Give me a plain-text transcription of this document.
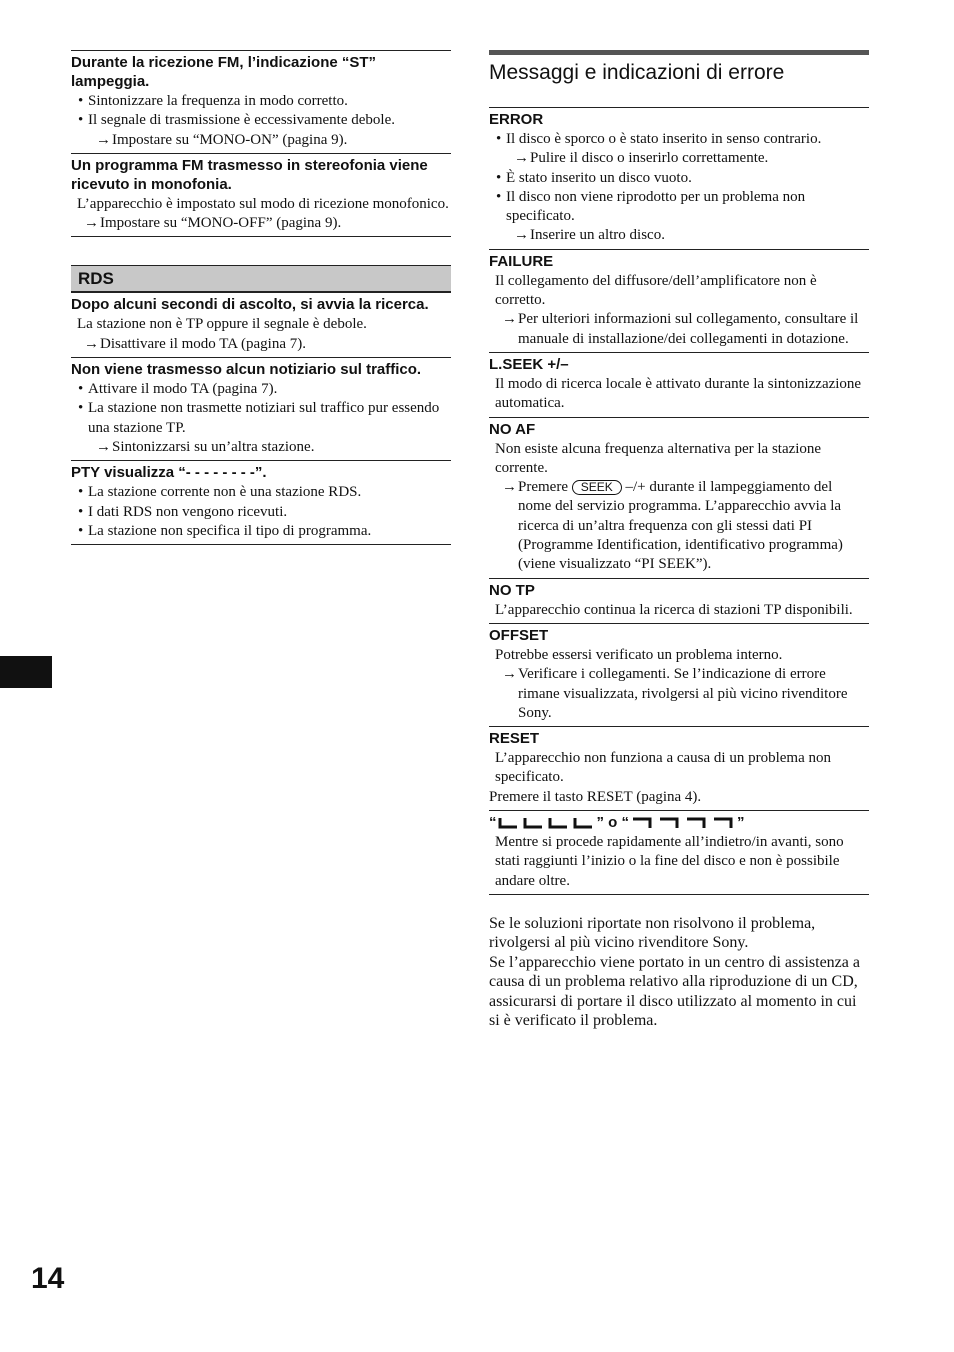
Durante la ricezione FM, l’indicazione “ST” lampeggia.

• Sintonizzare la frequenza in modo corretto.

• Il segnale di trasmissione è eccessivamente debole.

→ Impostare su “MONO-ON” (pagina 9).

Un programma FM trasmesso in stereofonia viene ricevuto in monofonia.

L’apparecchio è impostato sul modo di ricezione monofonico.

→ Impostare su “MONO-OFF” (pagina 9).

RDS
Dopo alcuni secondi di ascolto, si avvia la ricerca.

La stazione non è TP oppure il segnale è debole.

→ Disattivare il modo TA (pagina 7).

Non viene trasmesso alcun notiziario sul traffico.

• Attivare il modo TA (pagina 7).

• La stazione non trasmette notiziari sul traffico pur essendo una stazione TP.

→ Sintonizzarsi su un’altra stazione.

PTY visualizza “- - - - - - - -”.

• La stazione corrente non è una stazione RDS.

• I dati RDS non vengono ricevuti.

• La stazione non specifica il tipo di programma.

Messaggi e indicazioni di errore
ERROR

• Il disco è sporco o è stato inserito in senso contrario.

→ Pulire il disco o inserirlo correttamente.

• È stato inserito un disco vuoto.

• Il disco non viene riprodotto per un problema non specificato.

→ Inserire un altro disco.

FAILURE

Il collegamento del diffusore/dell’amplificatore non è corretto.

→ Per ulteriori informazioni sul collegamento, consultare il manuale di installazione/dei collegamenti in dotazione.

L.SEEK +/–

Il modo di ricerca locale è attivato durante la sintonizzazione automatica.

NO AF

Non esiste alcuna frequenza alternativa per la stazione corrente.

→ Premere SEEK –/+ durante il lampeggiamento del nome del servizio programma. L’apparecchio avvia la ricerca di un’altra frequenza con gli stessi dati PI (Programme Identification, identificativo programma) (viene visualizzato “PI SEEK”).

NO TP

L’apparecchio continua la ricerca di stazioni TP disponibili.

OFFSET

Potrebbe essersi verificato un problema interno.

→ Verificare i collegamenti. Se l’indicazione di errore rimane visualizzata, rivolgersi al più vicino rivenditore Sony.

RESET

L’apparecchio non funziona a causa di un problema non specificato.

Premere il tasto RESET (pagina 4).

“	” o “	”

Mentre si procede rapidamente all’indietro/in avanti, sono stati raggiunti l’inizio o la fine del disco e non è possibile andare oltre.

Se le soluzioni riportate non risolvono il problema, rivolgersi al più vicino rivenditore Sony.

Se l’apparecchio viene portato in un centro di assistenza a causa di un problema relativo alla riproduzione di un CD, assicurarsi di portare il disco utilizzato al momento in cui si è verificato il problema.

14
